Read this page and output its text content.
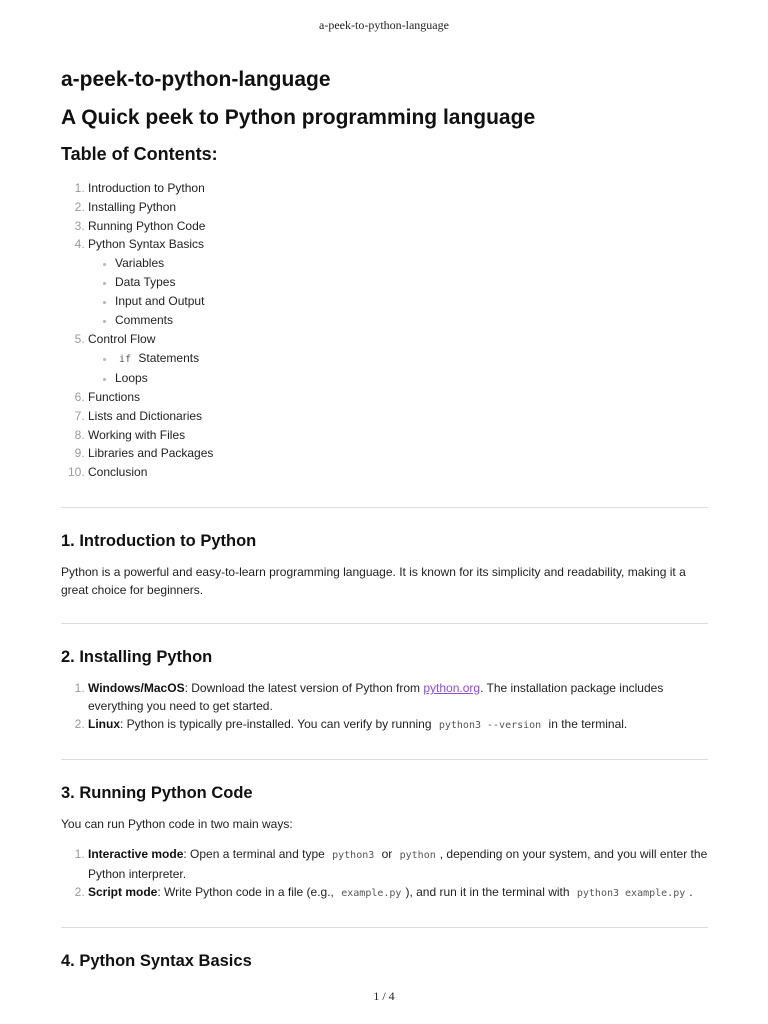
a-peek-to-python-language
a-peek-to-python-language
A Quick peek to Python programming language
Table of Contents:
1. Introduction to Python
2. Installing Python
3. Running Python Code
4. Python Syntax Basics
• Variables
• Data Types
• Input and Output
• Comments
5. Control Flow
• if Statements
• Loops
6. Functions
7. Lists and Dictionaries
8. Working with Files
9. Libraries and Packages
10. Conclusion
1. Introduction to Python

Python is a powerful and easy-to-learn programming language. It is known for its simplicity and readability, making it a great choice for beginners.

2. Installing Python
1. Windows/MacOS: Download the latest version of Python from python.org. The installation package includes everything you need to get started.
2. Linux: Python is typically pre-installed. You can verify by running python3 --version in the terminal.
3. Running Python Code

You can run Python code in two main ways:

1. Interactive mode: Open a terminal and type python3 or python , depending on your system, and you will enter the Python interpreter.
2. Script mode: Write Python code in a file (e.g., example.py ), and run it in the terminal with python3 example.py .
4. Python Syntax Basics
1 / 4
